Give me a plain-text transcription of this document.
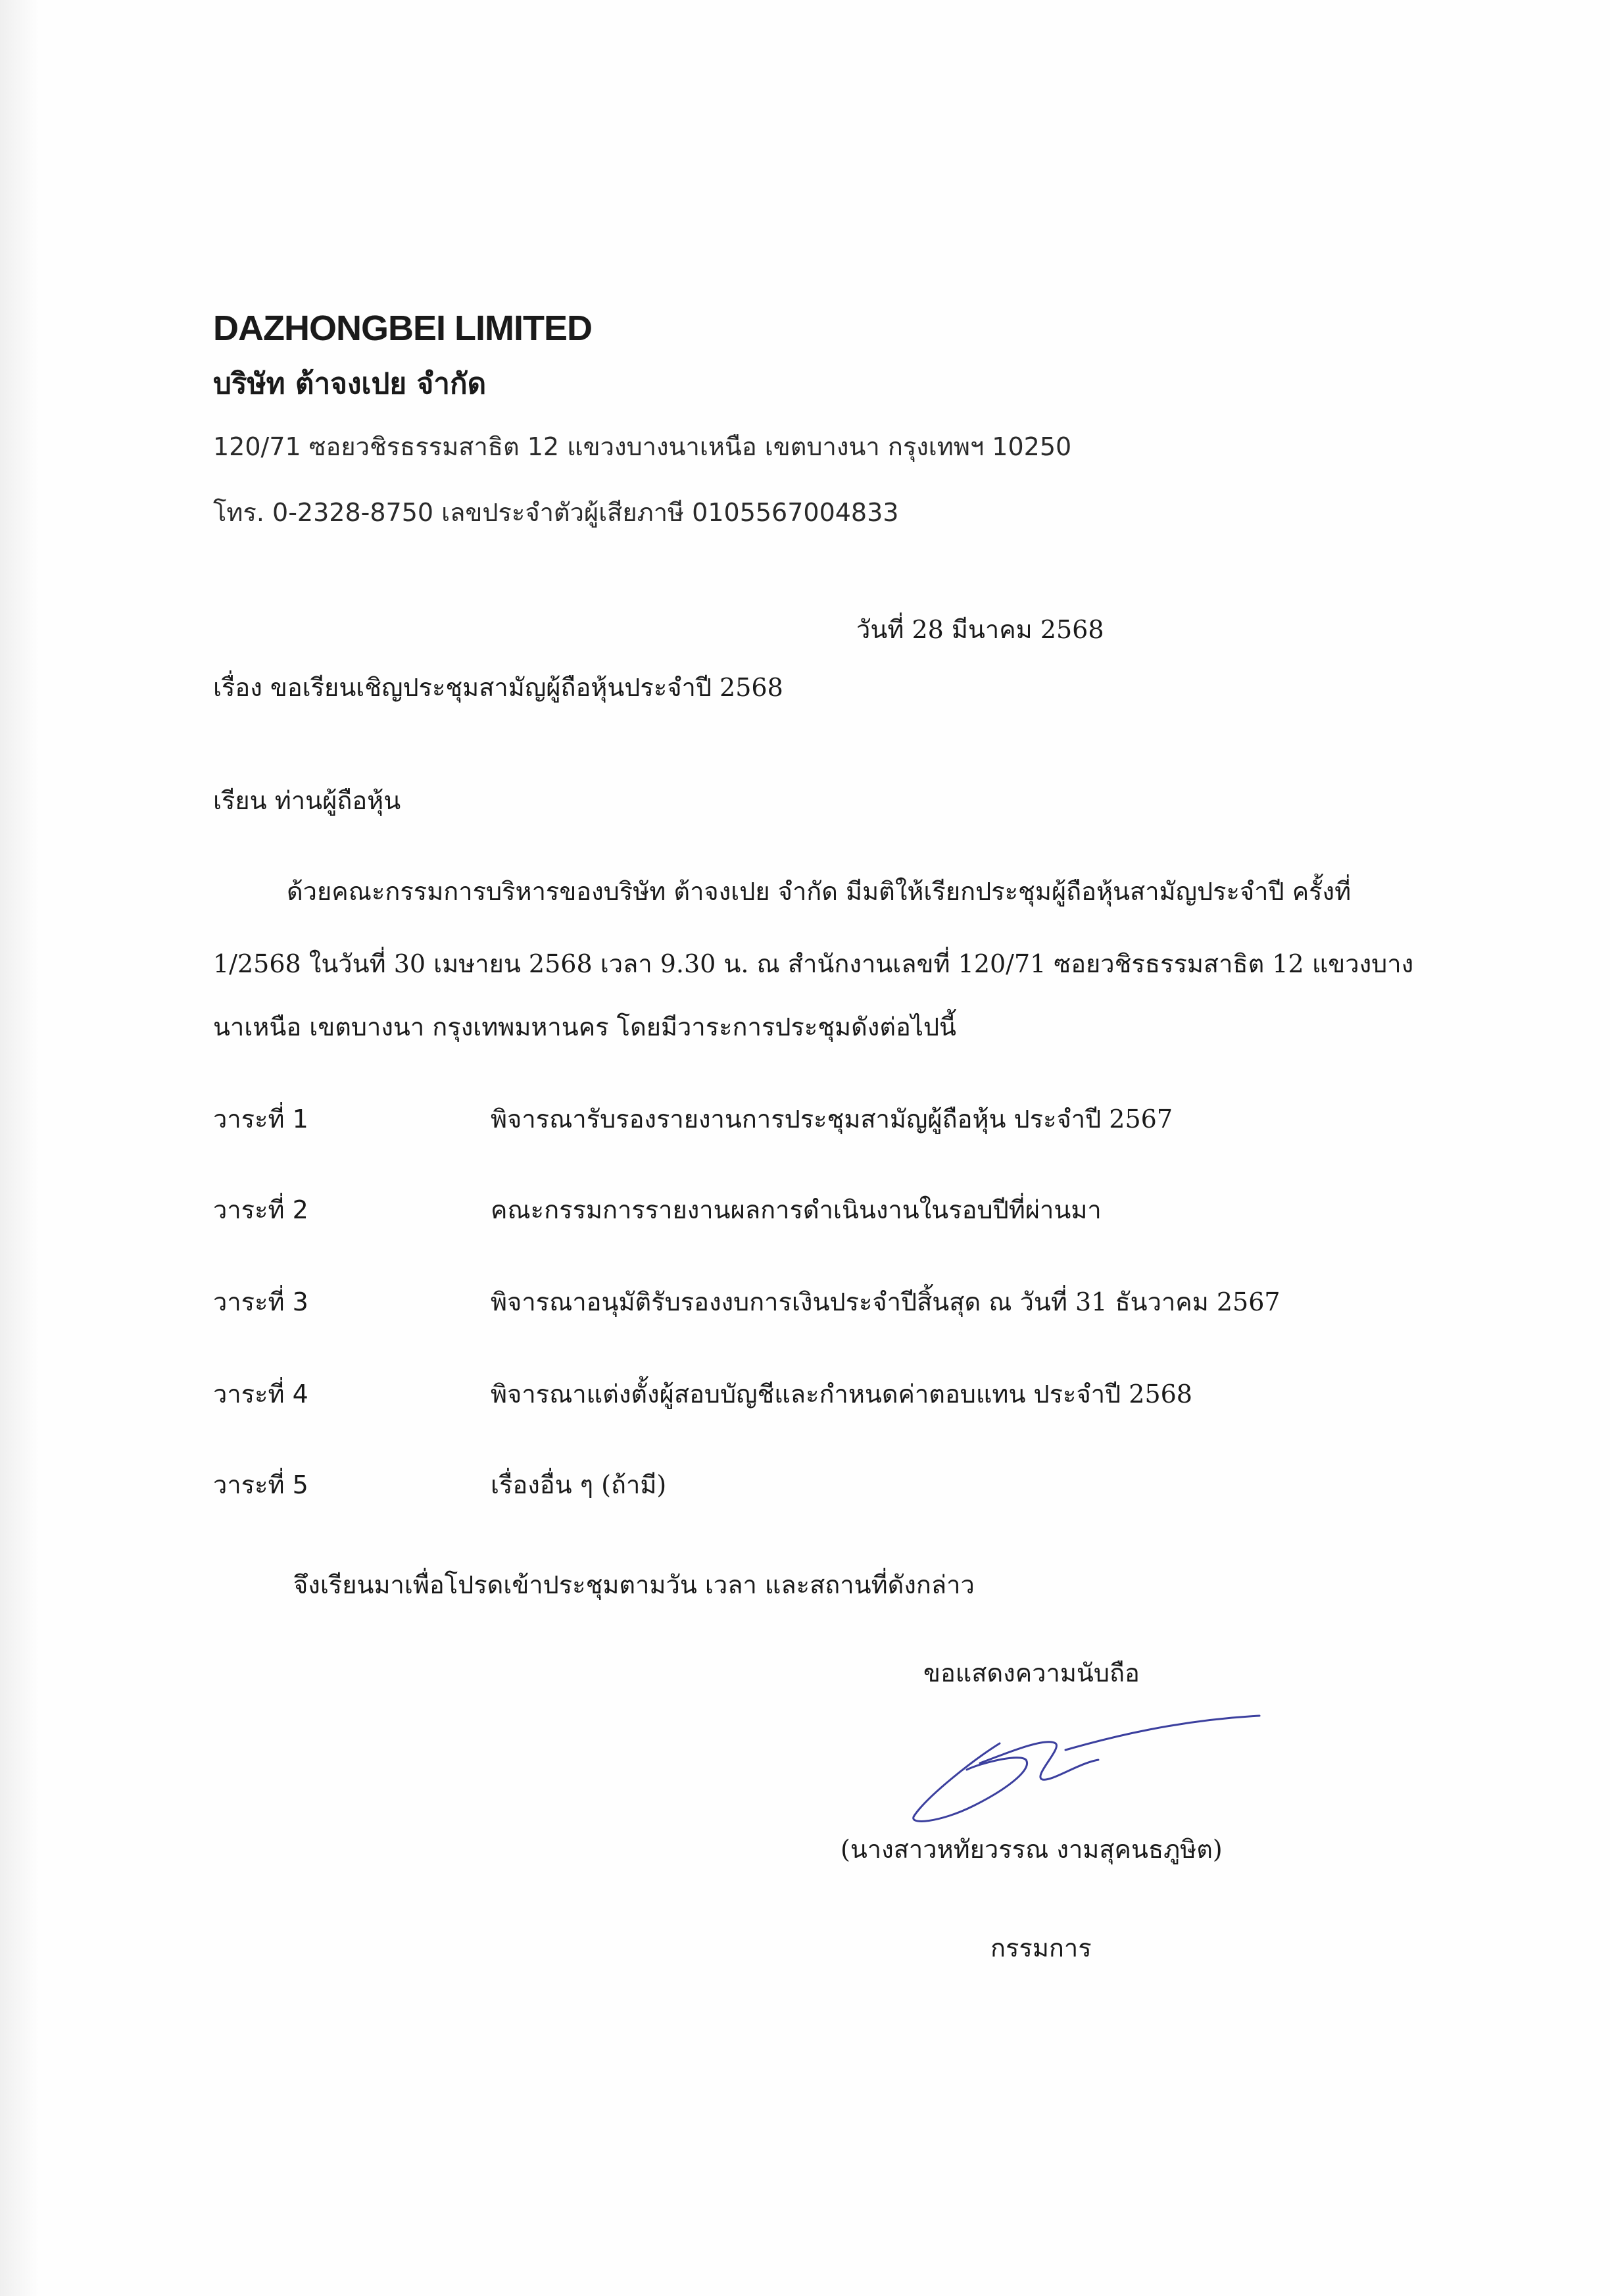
DAZHONGBEI LIMITED
บริษัท ต้าจงเปย จำกัด
120/71 ซอยวชิรธรรมสาธิต 12 แขวงบางนาเหนือ เขตบางนา กรุงเทพฯ 10250
โทร. 0-2328-8750 เลขประจำตัวผู้เสียภาษี 0105567004833
วันที่ 28 มีนาคม 2568
เรื่อง ขอเรียนเชิญประชุมสามัญผู้ถือหุ้นประจำปี 2568
เรียน ท่านผู้ถือหุ้น
ด้วยคณะกรรมการบริหารของบริษัท ต้าจงเปย จำกัด มีมติให้เรียกประชุมผู้ถือหุ้นสามัญประจำปี ครั้งที่
1/2568 ในวันที่ 30 เมษายน 2568 เวลา 9.30 น. ณ สำนักงานเลขที่ 120/71 ซอยวชิรธรรมสาธิต 12 แขวงบาง
นาเหนือ เขตบางนา กรุงเทพมหานคร โดยมีวาระการประชุมดังต่อไปนี้
วาระที่ 1	พิจารณารับรองรายงานการประชุมสามัญผู้ถือหุ้น ประจำปี 2567
วาระที่ 2	คณะกรรมการรายงานผลการดำเนินงานในรอบปีที่ผ่านมา
วาระที่ 3	พิจารณาอนุมัติรับรองงบการเงินประจำปีสิ้นสุด ณ วันที่ 31 ธันวาคม 2567
วาระที่ 4	พิจารณาแต่งตั้งผู้สอบบัญชีและกำหนดค่าตอบแทน ประจำปี 2568
วาระที่ 5	เรื่องอื่น ๆ (ถ้ามี)
จึงเรียนมาเพื่อโปรดเข้าประชุมตามวัน เวลา และสถานที่ดังกล่าว
ขอแสดงความนับถือ
(นางสาวหทัยวรรณ งามสุคนธภูษิต)
กรรมการ
